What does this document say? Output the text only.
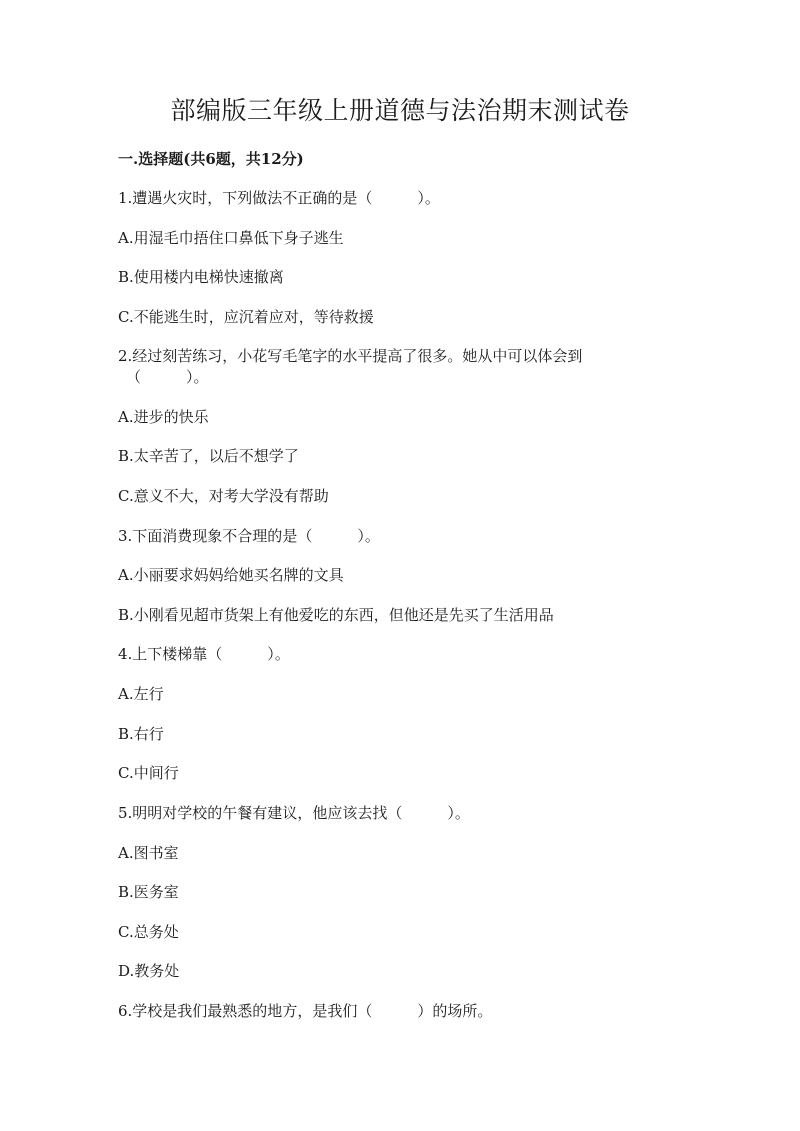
部编版三年级上册道德与法治期末测试卷
一.选择题(共6题，共12分)
1.遭遇火灾时，下列做法不正确的是（　　　）。
A.用湿毛巾捂住口鼻低下身子逃生
B.使用楼内电梯快速撤离
C.不能逃生时，应沉着应对，等待救援
2.经过刻苦练习，小花写毛笔字的水平提高了很多。她从中可以体会到
（　　　）。
A.进步的快乐
B.太辛苦了，以后不想学了
C.意义不大，对考大学没有帮助
3.下面消费现象不合理的是（　　　）。
A.小丽要求妈妈给她买名牌的文具
B.小刚看见超市货架上有他爱吃的东西，但他还是先买了生活用品
4.上下楼梯靠（　　　）。
A.左行
B.右行
C.中间行
5.明明对学校的午餐有建议，他应该去找（　　　）。
A.图书室
B.医务室
C.总务处
D.教务处
6.学校是我们最熟悉的地方，是我们（　　　）的场所。
